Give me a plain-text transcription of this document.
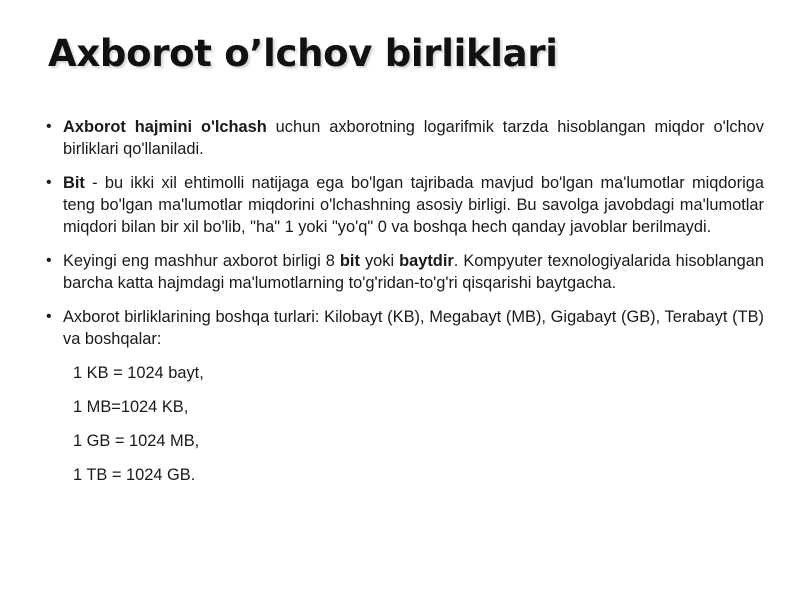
Axborot o’lchov birliklari
• Axborot hajmini o'lchash uchun axborotning logarifmik tarzda hisoblangan miqdor o'lchov birliklari qo'llaniladi.
• Bit - bu ikki xil ehtimolli natijaga ega bo'lgan tajribada mavjud bo'lgan ma'lumotlar miqdoriga teng bo'lgan ma'lumotlar miqdorini o'lchashning asosiy birligi. Bu savolga javobdagi ma'lumotlar miqdori bilan bir xil bo'lib, "ha" 1 yoki "yo'q" 0 va boshqa hech qanday javoblar berilmaydi.
• Keyingi eng mashhur axborot birligi 8 bit yoki baytdir. Kompyuter texnologiyalarida hisoblangan barcha katta hajmdagi ma'lumotlarning to'g'ridan-to'g'ri qisqarishi baytgacha.
• Axborot birliklarining boshqa turlari: Kilobayt (KB), Megabayt (MB), Gigabayt (GB), Terabayt (TB) va boshqalar:
1 KB = 1024 bayt,
1 MB=1024 KB,
1 GB = 1024 MB,
1 TB = 1024 GB.
